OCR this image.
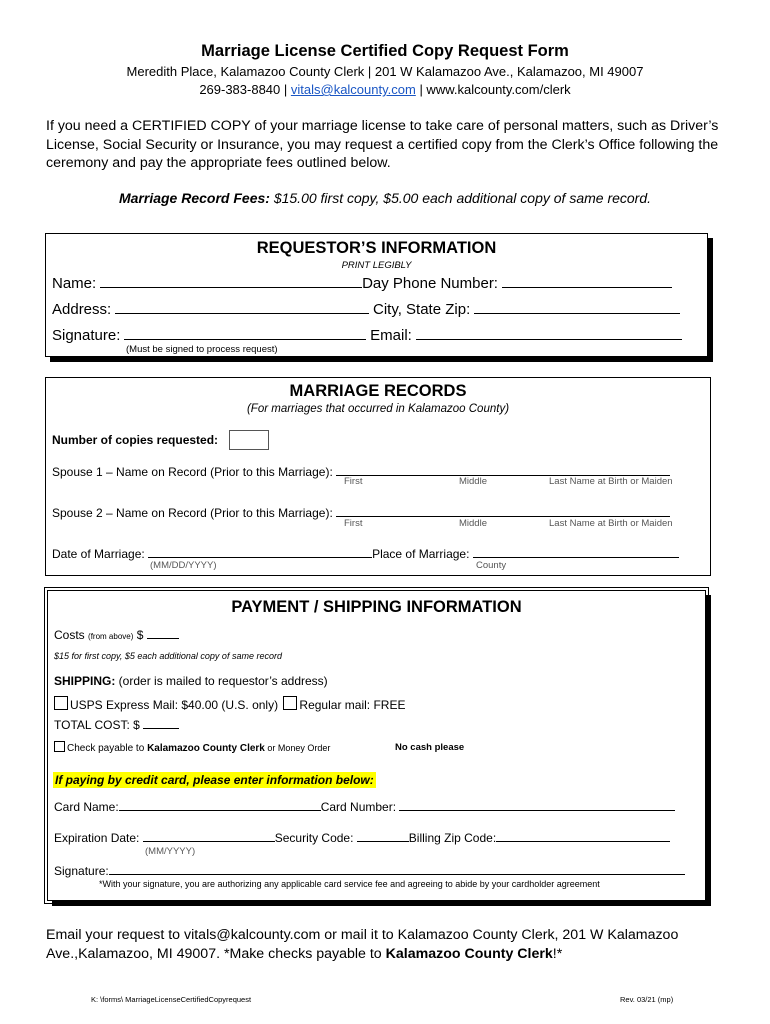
Marriage License Certified Copy Request Form
Meredith Place, Kalamazoo County Clerk | 201 W Kalamazoo Ave., Kalamazoo, MI 49007
269-383-8840 | vitals@kalcounty.com | www.kalcounty.com/clerk
If you need a CERTIFIED COPY of your marriage license to take care of personal matters, such as Driver’s License, Social Security or Insurance, you may request a certified copy from the Clerk’s Office following the ceremony and pay the appropriate fees outlined below.
Marriage Record Fees: $15.00 first copy, $5.00 each additional copy of same record.
REQUESTOR’S INFORMATION
PRINT LEGIBLY
Name:	Day Phone Number:
Address:	City, State Zip:
Signature:	Email:
(Must be signed to process request)
MARRIAGE RECORDS
(For marriages that occurred in Kalamazoo County)
Number of copies requested:
Spouse 1 – Name on Record (Prior to this Marriage):
First	Middle	Last Name at Birth or Maiden
Spouse 2 – Name on Record (Prior to this Marriage):
First	Middle	Last Name at Birth or Maiden
Date of Marriage:	Place of Marriage:
(MM/DD/YYYY)	County
PAYMENT / SHIPPING INFORMATION
Costs (from above) $
$15 for first copy, $5 each additional copy of same record
SHIPPING: (order is mailed to requestor’s address)
USPS Express Mail: $40.00 (U.S. only) Regular mail: FREE
TOTAL COST: $
Check payable to Kalamazoo County Clerk or Money Order	No cash please
If paying by credit card, please enter information below:
Card Name:	Card Number:
Expiration Date:	Security Code:	Billing Zip Code:
(MM/YYYY)
Signature:
*With your signature, you are authorizing any applicable card service fee and agreeing to abide by your cardholder agreement
Email your request to vitals@kalcounty.com or mail it to Kalamazoo County Clerk, 201 W Kalamazoo Ave.,Kalamazoo, MI 49007. *Make checks payable to Kalamazoo County Clerk!*
K: \forms\ MarriageLicenseCertifiedCopyrequest	Rev. 03/21 (mp)
